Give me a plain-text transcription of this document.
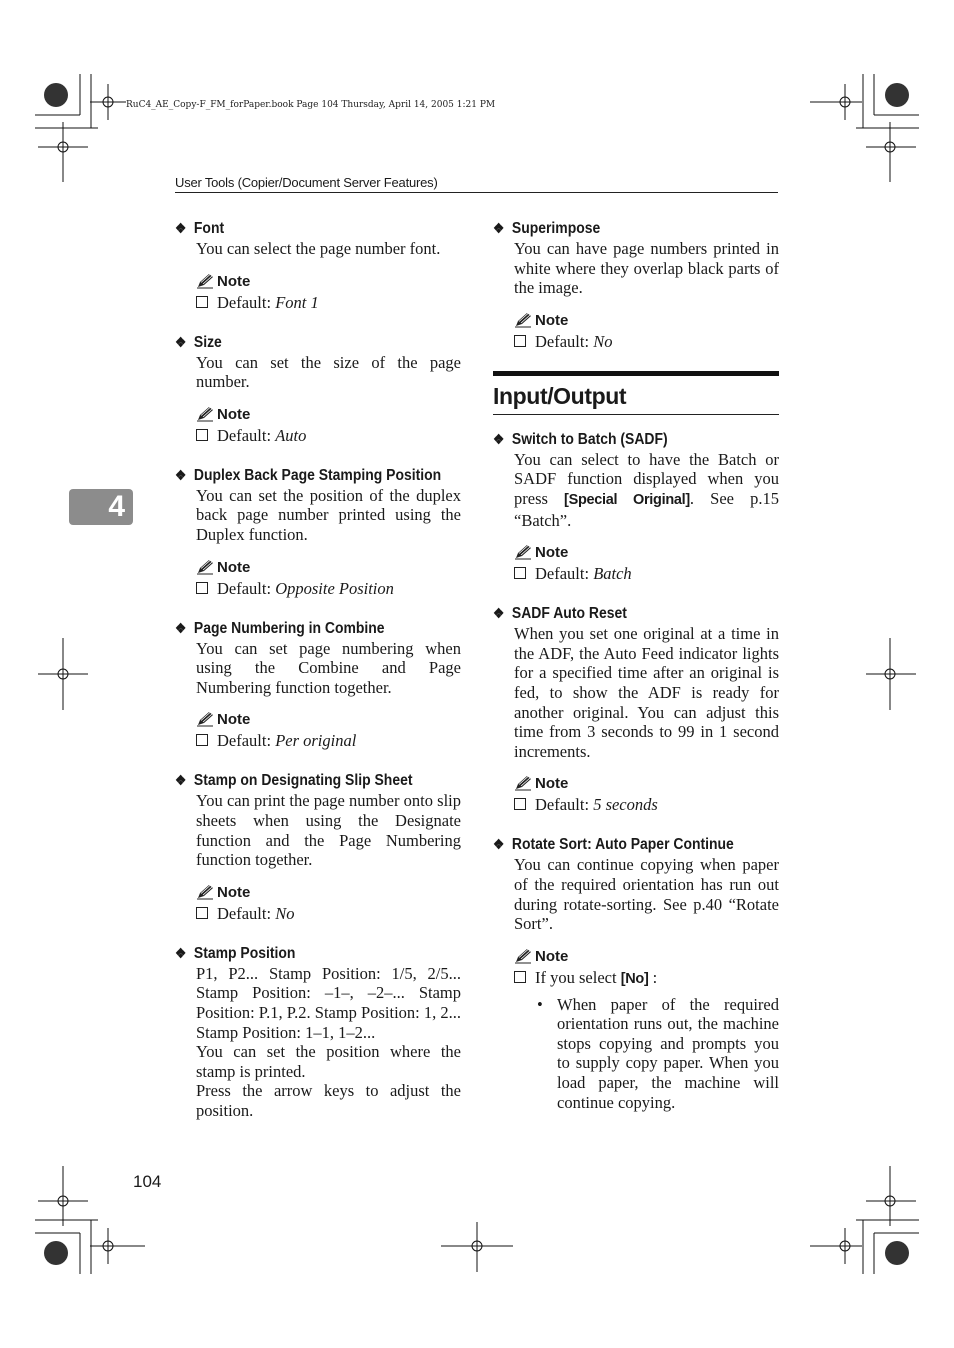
RuC4_AE_Copy-F_FM_forPaper.book Page 104 Thursday, April 14, 2005 1:21 PM
User Tools (Copier/Document Server Features)
4
❖ Font
You can select the page number font.
Note
Default: Font 1
❖ Size
You can set the size of the page number.
Note
Default: Auto
❖ Duplex Back Page Stamping Position
You can set the position of the duplex back page number printed using the Duplex function.
Note
Default: Opposite Position
❖ Page Numbering in Combine
You can set page numbering when using the Combine and Page Numbering function together.
Note
Default: Per original
❖ Stamp on Designating Slip Sheet
You can print the page number onto slip sheets when using the Designate function and the Page Numbering function together.
Note
Default: No
❖ Stamp Position
P1, P2... Stamp Position: 1/5, 2/5... Stamp Position: –1–, –2–... Stamp Position: P.1, P.2. Stamp Position: 1, 2... Stamp Position: 1–1, 1–2...
You can set the position where the stamp is printed.
Press the arrow keys to adjust the position.
❖ Superimpose
You can have page numbers printed in white where they overlap black parts of the image.
Note
Default: No
Input/Output
❖ Switch to Batch (SADF)
You can select to have the Batch or SADF function displayed when you press [Special Original]. See p.15 “Batch”.
Note
Default: Batch
❖ SADF Auto Reset
When you set one original at a time in the ADF, the Auto Feed indicator lights for a specified time after an original is fed, to show the ADF is ready for another original. You can adjust this time from 3 seconds to 99 in 1 second increments.
Note
Default: 5 seconds
❖ Rotate Sort: Auto Paper Continue
You can continue copying when paper of the required orientation has run out during rotate-sorting. See p.40 “Rotate Sort”.
Note
If you select [No] :
• When paper of the required orientation runs out, the machine stops copying and prompts you to supply copy paper. When you load paper, the machine will continue copying.
104
